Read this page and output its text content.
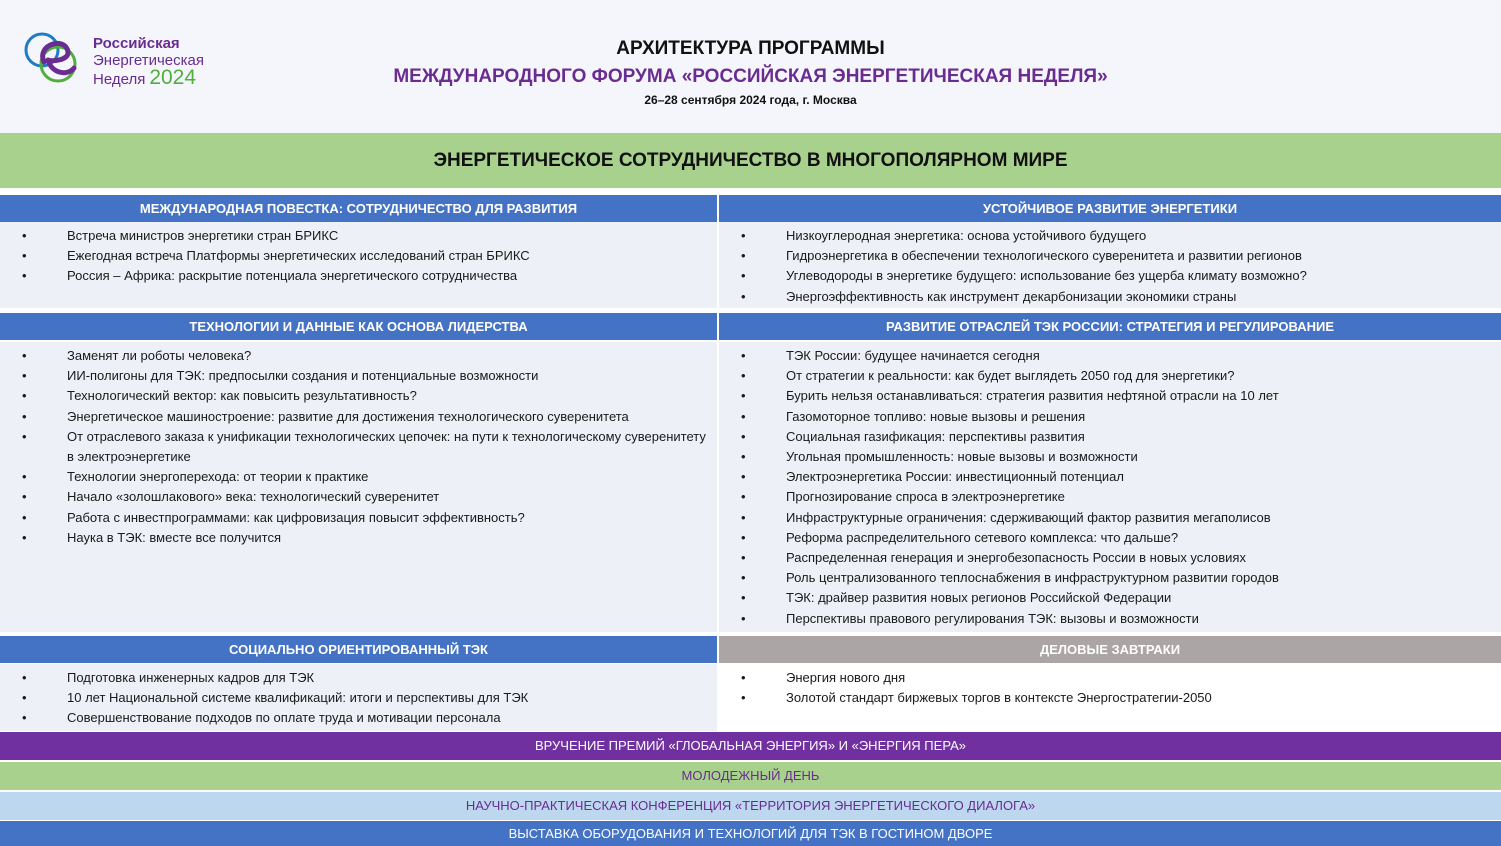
Российская
Энергетическая
Неделя 2024
АРХИТЕКТУРА ПРОГРАММЫ
МЕЖДУНАРОДНОГО ФОРУМА «РОССИЙСКАЯ ЭНЕРГЕТИЧЕСКАЯ НЕДЕЛЯ»
26–28 сентября 2024 года, г. Москва
ЭНЕРГЕТИЧЕСКОЕ СОТРУДНИЧЕСТВО В МНОГОПОЛЯРНОМ МИРЕ
МЕЖДУНАРОДНАЯ ПОВЕСТКА: СОТРУДНИЧЕСТВО ДЛЯ РАЗВИТИЯ	УСТОЙЧИВОЕ РАЗВИТИЕ ЭНЕРГЕТИКИ
• Встреча министров энергетики стран БРИКС
• Ежегодная встреча Платформы энергетических исследований стран БРИКС
• Россия – Африка: раскрытие потенциала энергетического сотрудничества
• Низкоуглеродная энергетика: основа устойчивого будущего
• Гидроэнергетика в обеспечении технологического суверенитета и развитии регионов
• Углеводороды в энергетике будущего: использование без ущерба климату возможно?
• Энергоэффективность как инструмент декарбонизации экономики страны
ТЕХНОЛОГИИ И ДАННЫЕ КАК ОСНОВА ЛИДЕРСТВА	РАЗВИТИЕ ОТРАСЛЕЙ ТЭК РОССИИ: СТРАТЕГИЯ И РЕГУЛИРОВАНИЕ
• Заменят ли роботы человека?
• ИИ-полигоны для ТЭК: предпосылки создания и потенциальные возможности
• Технологический вектор: как повысить результативность?
• Энергетическое машиностроение: развитие для достижения технологического суверенитета
• От отраслевого заказа к унификации технологических цепочек: на пути к технологическому суверенитету в электроэнергетике
• Технологии энергоперехода: от теории к практике
• Начало «золошлакового» века: технологический суверенитет
• Работа с инвестпрограммами: как цифровизация повысит эффективность?
• Наука в ТЭК: вместе все получится
• ТЭК России: будущее начинается сегодня
• От стратегии к реальности: как будет выглядеть 2050 год для энергетики?
• Бурить нельзя останавливаться: стратегия развития нефтяной отрасли на 10 лет
• Газомоторное топливо: новые вызовы и решения
• Социальная газификация: перспективы развития
• Угольная промышленность: новые вызовы и возможности
• Электроэнергетика России: инвестиционный потенциал
• Прогнозирование спроса в электроэнергетике
• Инфраструктурные ограничения: сдерживающий фактор развития мегаполисов
• Реформа распределительного сетевого комплекса: что дальше?
• Распределенная генерация и энергобезопасность России в новых условиях
• Роль централизованного теплоснабжения в инфраструктурном развитии городов
• ТЭК: драйвер развития новых регионов Российской Федерации
• Перспективы правового регулирования ТЭК: вызовы и возможности
СОЦИАЛЬНО ОРИЕНТИРОВАННЫЙ ТЭК	ДЕЛОВЫЕ ЗАВТРАКИ
• Подготовка инженерных кадров для ТЭК
• 10 лет Национальной системе квалификаций: итоги и перспективы для ТЭК
• Совершенствование подходов по оплате труда и мотивации персонала
• Энергия нового дня
• Золотой стандарт биржевых торгов в контексте Энергостратегии-2050
ВРУЧЕНИЕ ПРЕМИЙ «ГЛОБАЛЬНАЯ ЭНЕРГИЯ» И «ЭНЕРГИЯ ПЕРА»
МОЛОДЕЖНЫЙ ДЕНЬ
НАУЧНО-ПРАКТИЧЕСКАЯ КОНФЕРЕНЦИЯ «ТЕРРИТОРИЯ ЭНЕРГЕТИЧЕСКОГО ДИАЛОГА»
ВЫСТАВКА ОБОРУДОВАНИЯ И ТЕХНОЛОГИЙ ДЛЯ ТЭК В ГОСТИНОМ ДВОРЕ
